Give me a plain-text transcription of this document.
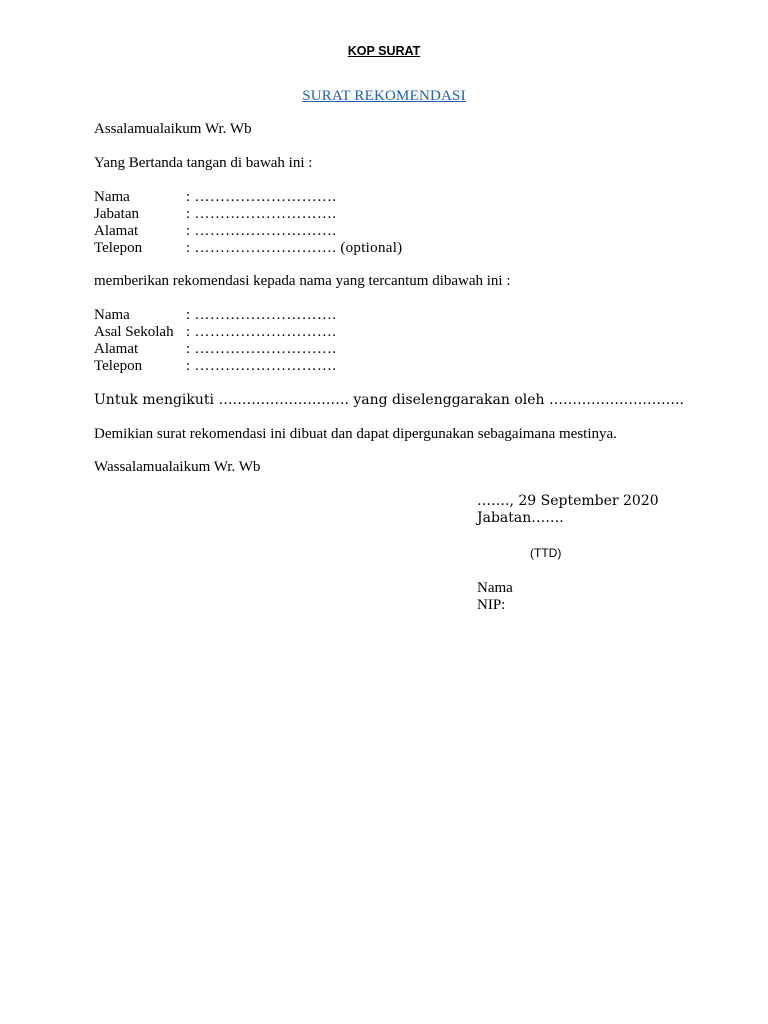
KOP SURAT
SURAT REKOMENDASI
Assalamualaikum Wr. Wb
Yang Bertanda tangan di bawah ini :
Nama	: ……………………….
Jabatan	: ……………………….
Alamat	: ……………………….
Telepon	: ………………………. (optional)
memberikan rekomendasi kepada nama yang tercantum dibawah ini :
Nama	: ……………………….
Asal Sekolah : ……………………….
Alamat	: ……………………….
Telepon	: ……………………….
Untuk mengikuti ………………………. yang diselenggarakan oleh ………………………..
Demikian surat rekomendasi ini dibuat dan dapat dipergunakan sebagaimana mestinya.
Wassalamualaikum Wr. Wb
……., 29 September 2020
Jabatan…….
(TTD)
Nama
NIP:
